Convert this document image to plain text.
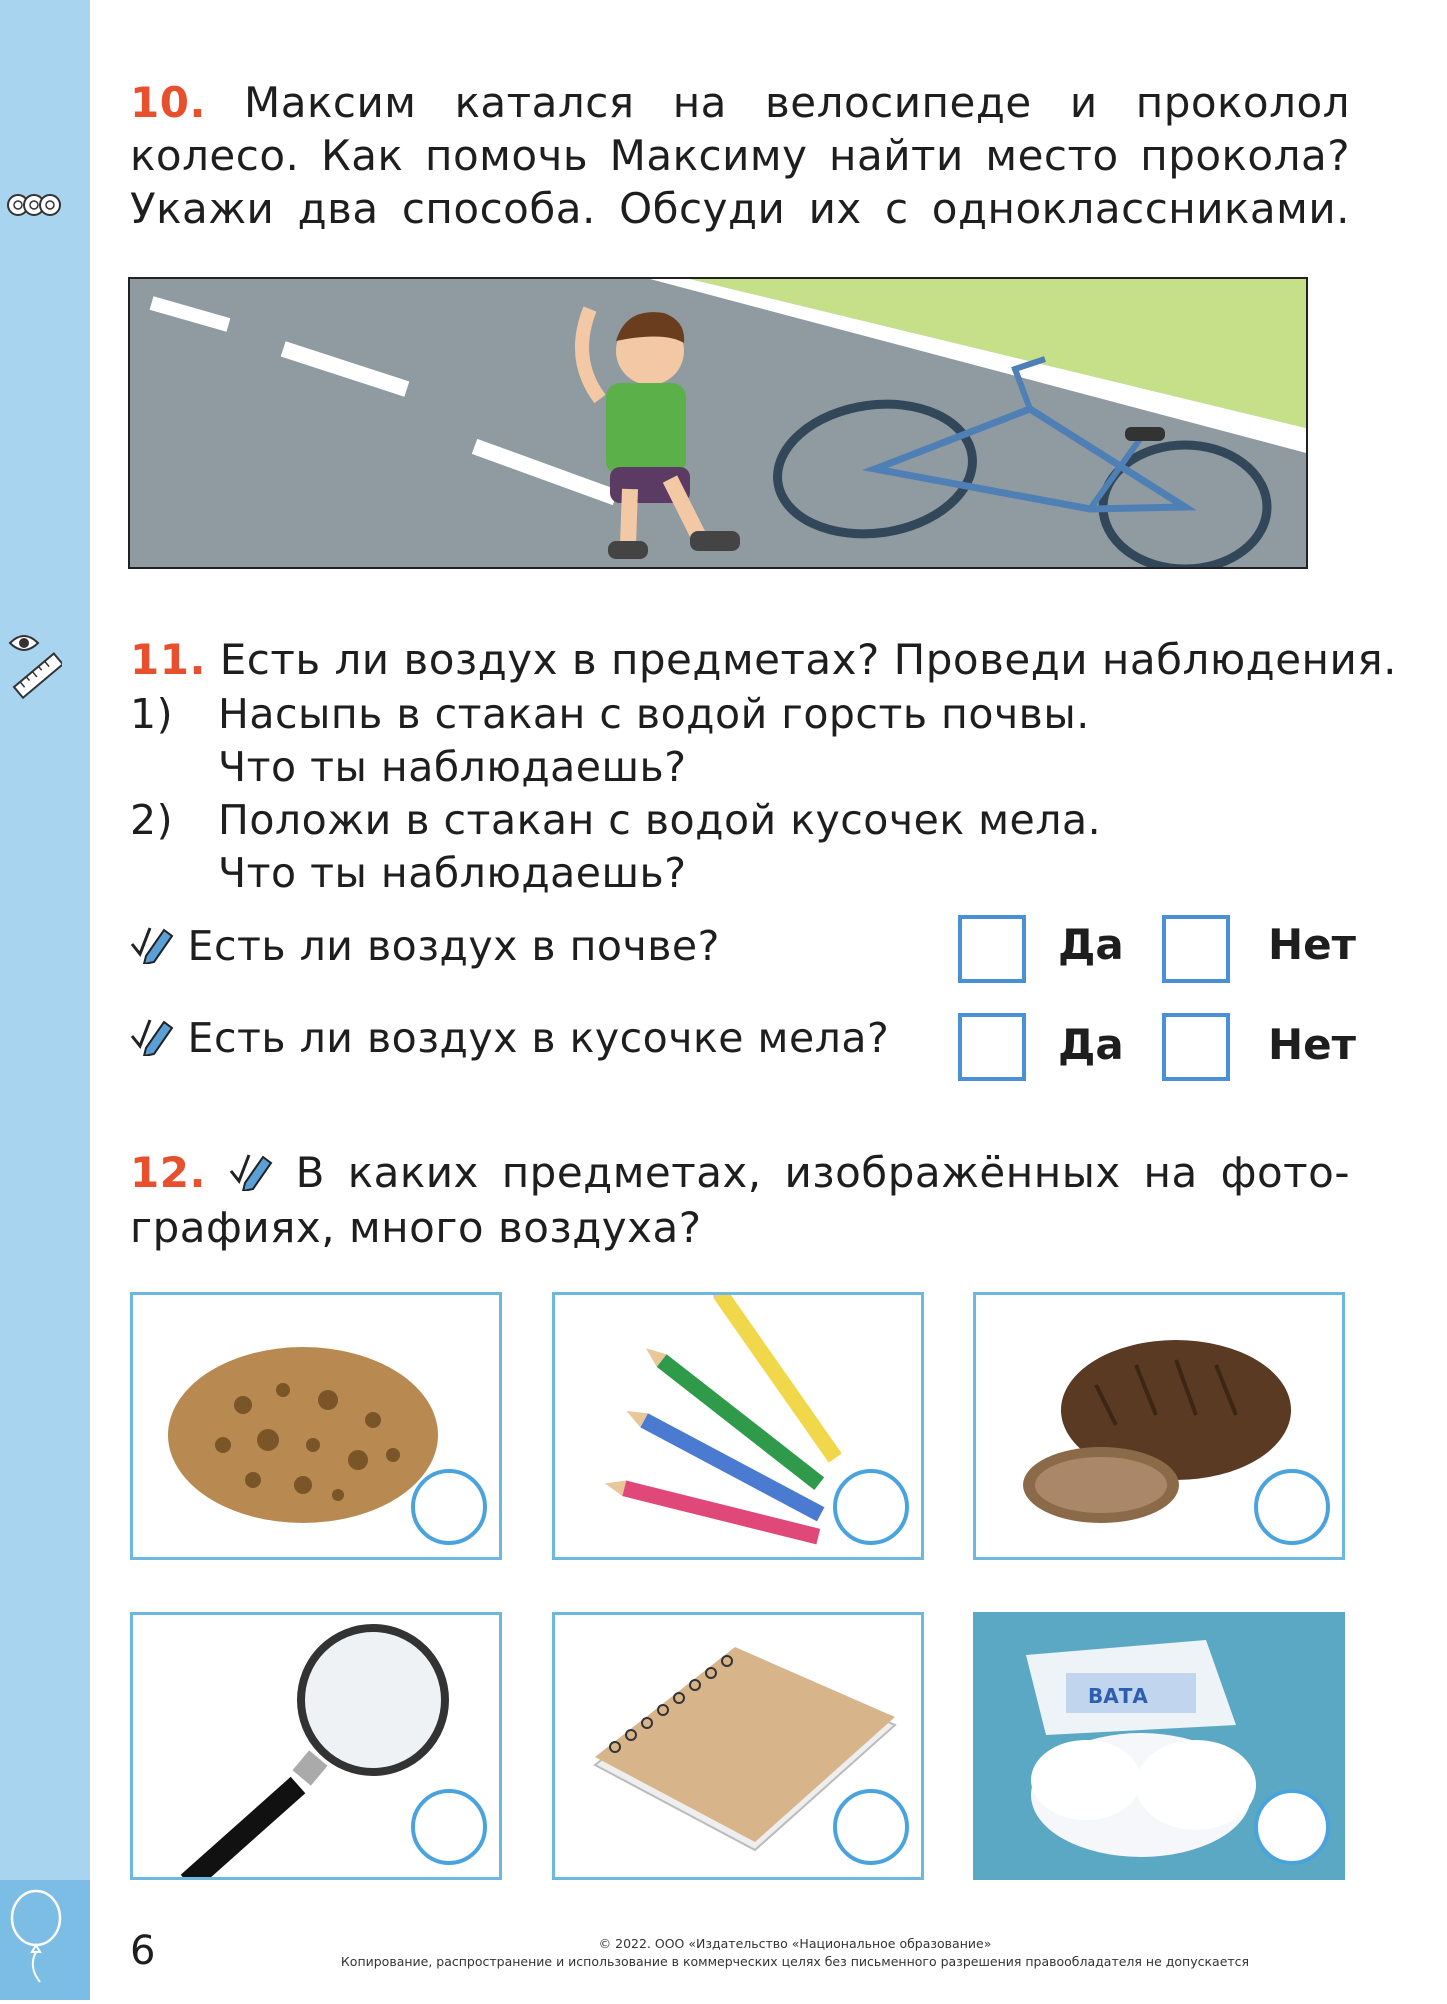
10. Максим катался на велосипеде и проколол
колесо. Как помочь Максиму найти место прокола?
Укажи два способа. Обсуди их с одноклассниками.
11. Есть ли воздух в предметах? Проведи наблюдения.
1) Насыпь в стакан с водой горсть почвы.
Что ты наблюдаешь?
2) Положи в стакан с водой кусочек мела.
Что ты наблюдаешь?
Есть ли воздух в почве?	Да	Нет
Есть ли воздух в кусочке мела?	Да	Нет
12. В каких предметах, изображённых на фото-
графиях, много воздуха?
ВАТА
6	© 2022. ООО «Издательство «Национальное образование»
Копирование, распространение и использование в коммерческих целях без письменного разрешения правообладателя не допускается
